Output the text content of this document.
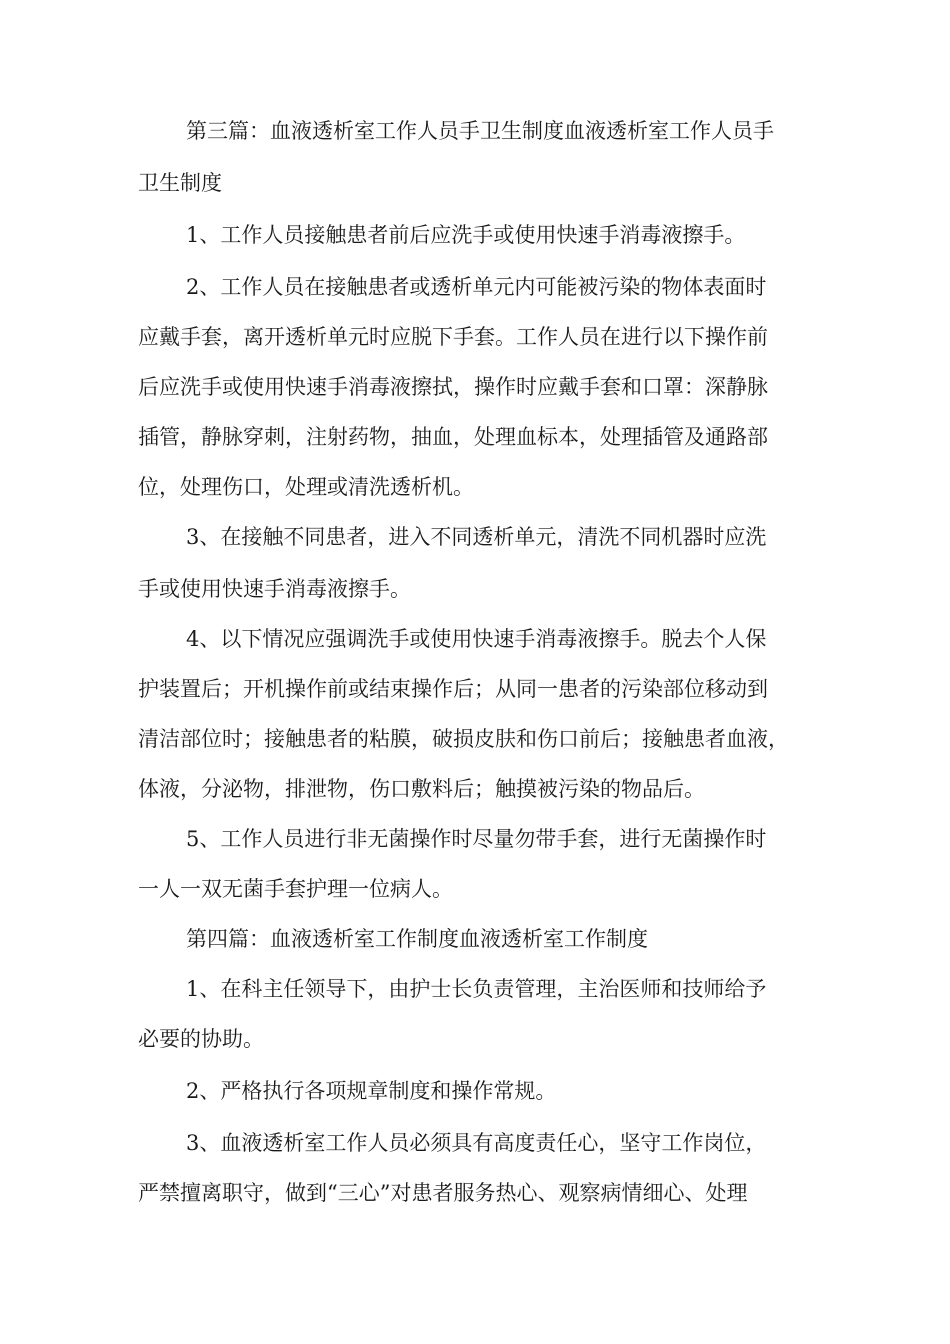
第三篇：血液透析室工作人员手卫生制度血液透析室工作人员手
卫生制度
1、工作人员接触患者前后应洗手或使用快速手消毒液擦手。
2、工作人员在接触患者或透析单元内可能被污染的物体表面时
应戴手套，离开透析单元时应脱下手套。工作人员在进行以下操作前
后应洗手或使用快速手消毒液擦拭，操作时应戴手套和口罩：深静脉
插管，静脉穿刺，注射药物，抽血，处理血标本，处理插管及通路部
位，处理伤口，处理或清洗透析机。
3、在接触不同患者，进入不同透析单元，清洗不同机器时应洗
手或使用快速手消毒液擦手。
4、以下情况应强调洗手或使用快速手消毒液擦手。脱去个人保
护装置后；开机操作前或结束操作后；从同一患者的污染部位移动到
清洁部位时；接触患者的粘膜，破损皮肤和伤口前后；接触患者血液，
体液，分泌物，排泄物，伤口敷料后；触摸被污染的物品后。
5、工作人员进行非无菌操作时尽量勿带手套，进行无菌操作时
一人一双无菌手套护理一位病人。
第四篇：血液透析室工作制度血液透析室工作制度
1、在科主任领导下，由护士长负责管理，主治医师和技师给予
必要的协助。
2、严格执行各项规章制度和操作常规。
3、血液透析室工作人员必须具有高度责任心，坚守工作岗位，
严禁擅离职守，做到“三心”对患者服务热心、观察病情细心、处理
